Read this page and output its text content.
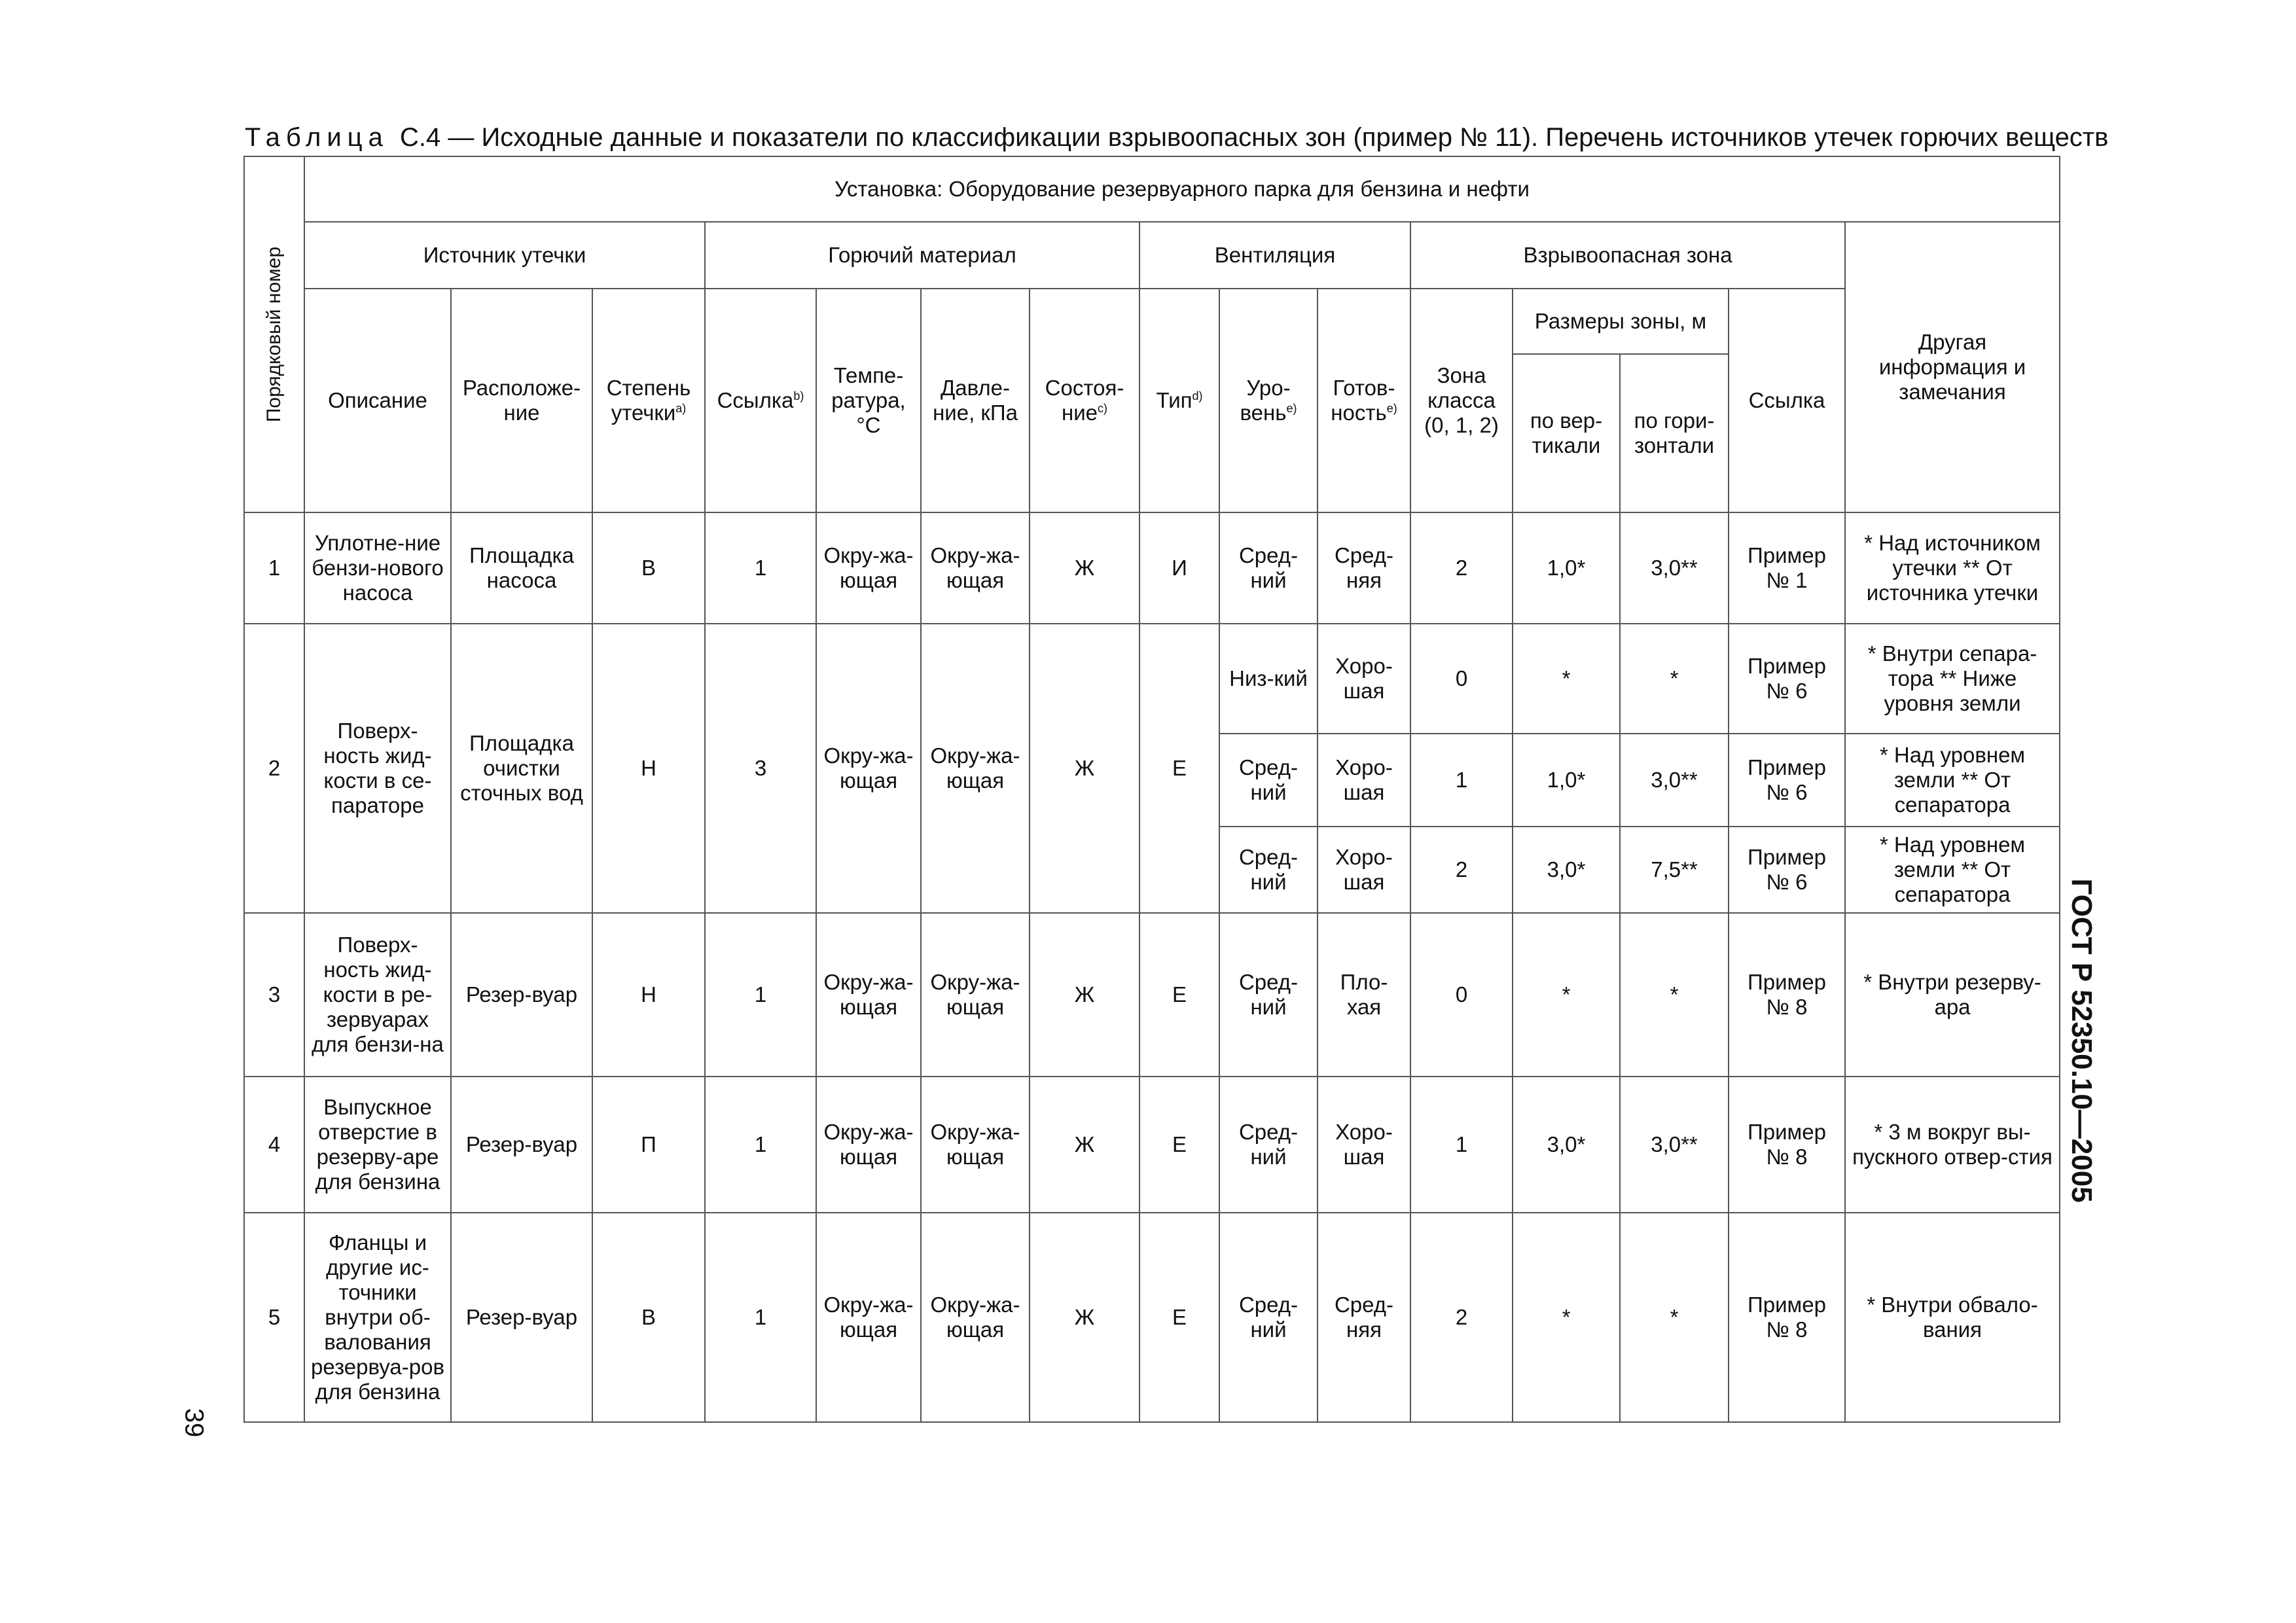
Таблица С.4 — Исходные данные и показатели по классификации взрывоопасных зон (пример № 11). Перечень источников утечек горючих веществ
Порядковый номер	Установка: Оборудование резервуарного парка для бензина и нефти														
	Источник утечки			Горючий материал				Вентиляция			Взрывоопасная зона				Другая информация и замечания
	Описание	Расположе-ние	Степень утечки$^{a)}$	Ссылка$^{b)}$	Темпе-ратура, °С	Давле-ние, кПа	Состоя-ние$^{c)}$	Тип$^{d)}$	Уро-вень$^{e)}$	Готов-ность$^{e)}$	Зона класса (0, 1, 2)	Размеры зоны, м		Ссылка	
												по вер-тикали	по гори-зонтали		
1	Уплотне-ние бензи-нового насоса	Площадка насоса	В	1	Окру-жа-ющая	Окру-жа-ющая	Ж	И	Сред-ний	Сред-няя	2	1,0*	3,0**	Пример № 1	* Над источником утечки ** От источника утечки
2	Поверх-ность жид-кости в се-параторе	Площадка очистки сточных вод	Н	3	Окру-жа-ющая	Окру-жа-ющая	Ж	Е	Низ-кий	Хоро-шая	0	*	*	Пример № 6	* Внутри сепара-тора ** Ниже уровня земли
									Сред-ний	Хоро-шая	1	1,0*	3,0**	Пример № 6	* Над уровнем земли ** От сепаратора
									Сред-ний	Хоро-шая	2	3,0*	7,5**	Пример № 6	* Над уровнем земли ** От сепаратора
3	Поверх-ность жид-кости в ре-зервуарах для бензи-на	Резер-вуар	Н	1	Окру-жа-ющая	Окру-жа-ющая	Ж	Е	Сред-ний	Пло-хая	0	*	*	Пример № 8	* Внутри резерву-ара
4	Выпускное отверстие в резерву-аре для бензина	Резер-вуар	П	1	Окру-жа-ющая	Окру-жа-ющая	Ж	Е	Сред-ний	Хоро-шая	1	3,0*	3,0**	Пример № 8	* 3 м вокруг вы-пускного отвер-стия
5	Фланцы и другие ис-точники внутри об-валования резервуа-ров для бензина	Резер-вуар	В	1	Окру-жа-ющая	Окру-жа-ющая	Ж	Е	Сред-ний	Сред-няя	2	*	*	Пример № 8	* Внутри обвало-вания
ГОСТ Р 52350.10—2005
39
